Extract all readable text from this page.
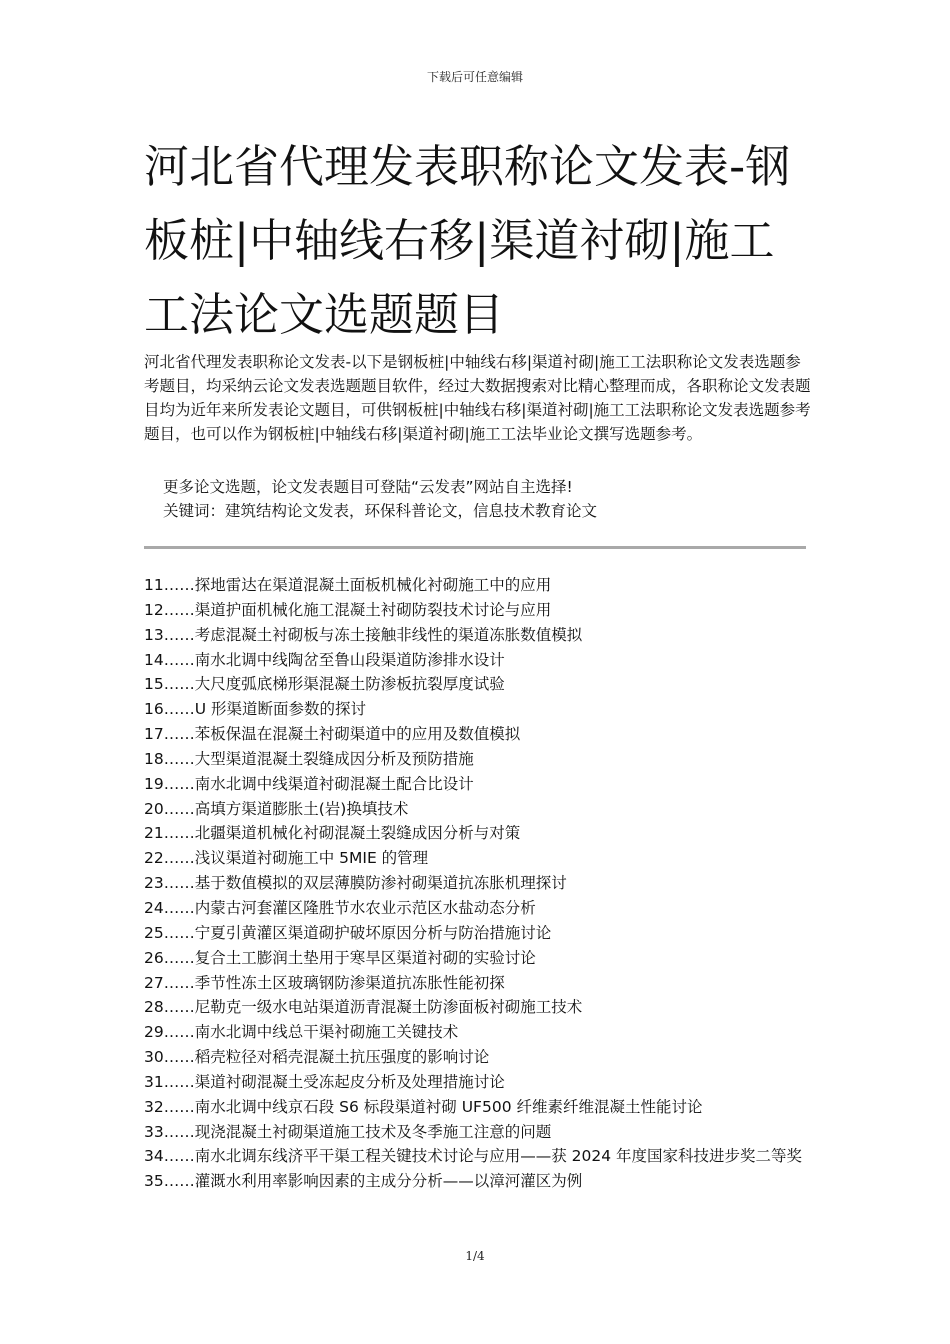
下载后可任意编辑
河北省代理发表职称论文发表-钢板桩|中轴线右移|渠道衬砌|施工工法论文选题题目

河北省代理发表职称论文发表-以下是钢板桩|中轴线右移|渠道衬砌|施工工法职称论文发表选题参考题目，均采纳云论文发表选题题目软件，经过大数据搜索对比精心整理而成，各职称论文发表题目均为近年来所发表论文题目，可供钢板桩|中轴线右移|渠道衬砌|施工工法职称论文发表选题参考题目，也可以作为钢板桩|中轴线右移|渠道衬砌|施工工法毕业论文撰写选题参考。

更多论文选题，论文发表题目可登陆“云发表”网站自主选择!

关键词：建筑结构论文发表，环保科普论文，信息技术教育论文

11……探地雷达在渠道混凝土面板机械化衬砌施工中的应用
12……渠道护面机械化施工混凝土衬砌防裂技术讨论与应用
13……考虑混凝土衬砌板与冻土接触非线性的渠道冻胀数值模拟
14……南水北调中线陶岔至鲁山段渠道防渗排水设计
15……大尺度弧底梯形渠混凝土防渗板抗裂厚度试验
16……U 形渠道断面参数的探讨
17……苯板保温在混凝土衬砌渠道中的应用及数值模拟
18……大型渠道混凝土裂缝成因分析及预防措施
19……南水北调中线渠道衬砌混凝土配合比设计
20……高填方渠道膨胀土(岩)换填技术
21……北疆渠道机械化衬砌混凝土裂缝成因分析与对策
22……浅议渠道衬砌施工中 5MIE 的管理
23……基于数值模拟的双层薄膜防渗衬砌渠道抗冻胀机理探讨
24……内蒙古河套灌区隆胜节水农业示范区水盐动态分析
25……宁夏引黄灌区渠道砌护破坏原因分析与防治措施讨论
26……复合土工膨润土垫用于寒旱区渠道衬砌的实验讨论
27……季节性冻土区玻璃钢防渗渠道抗冻胀性能初探
28……尼勒克一级水电站渠道沥青混凝土防渗面板衬砌施工技术
29……南水北调中线总干渠衬砌施工关键技术
30……稻壳粒径对稻壳混凝土抗压强度的影响讨论
31……渠道衬砌混凝土受冻起皮分析及处理措施讨论
32……南水北调中线京石段 S6 标段渠道衬砌 UF500 纤维素纤维混凝土性能讨论
33……现浇混凝土衬砌渠道施工技术及冬季施工注意的问题
34……南水北调东线济平干渠工程关键技术讨论与应用——获 2024 年度国家科技进步奖二等奖
35……灌溉水利用率影响因素的主成分分析——以漳河灌区为例
1/4
